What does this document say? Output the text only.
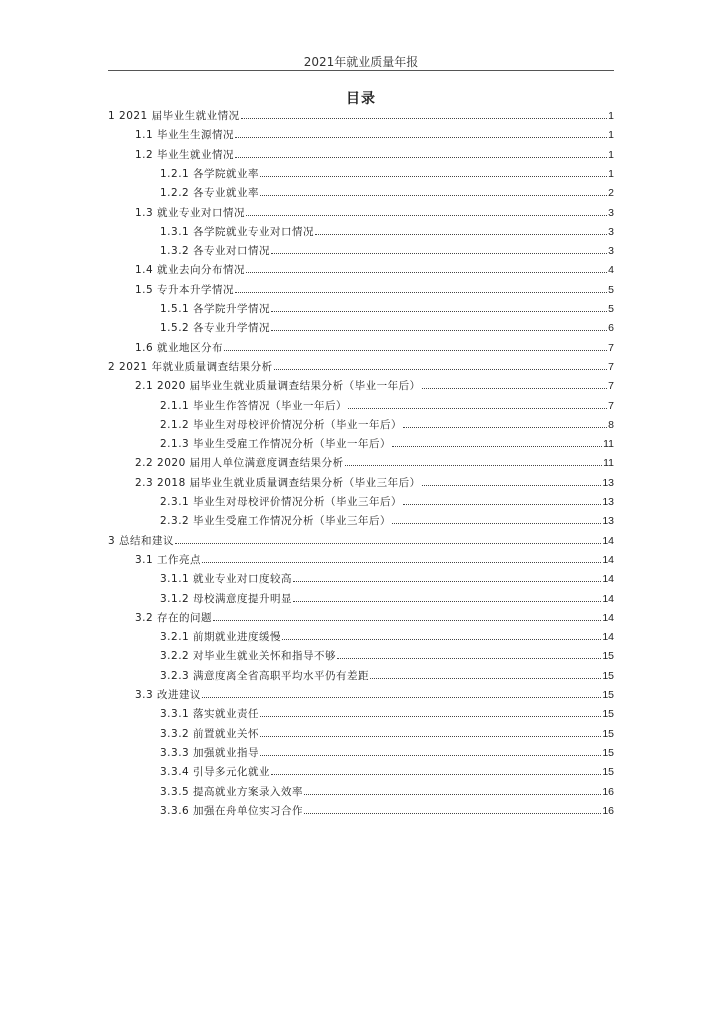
2021年就业质量年报
目录
1 2021 届毕业生就业情况	1
1.1 毕业生生源情况	1
1.2 毕业生就业情况	1
1.2.1 各学院就业率	1
1.2.2 各专业就业率	2
1.3 就业专业对口情况	3
1.3.1 各学院就业专业对口情况	3
1.3.2 各专业对口情况	3
1.4 就业去向分布情况	4
1.5 专升本升学情况	5
1.5.1 各学院升学情况	5
1.5.2 各专业升学情况	6
1.6 就业地区分布	7
2 2021 年就业质量调查结果分析	7
2.1 2020 届毕业生就业质量调查结果分析（毕业一年后）	7
2.1.1 毕业生作答情况（毕业一年后）	7
2.1.2 毕业生对母校评价情况分析（毕业一年后）	8
2.1.3 毕业生受雇工作情况分析（毕业一年后）	11
2.2 2020 届用人单位满意度调查结果分析	11
2.3 2018 届毕业生就业质量调查结果分析（毕业三年后）	13
2.3.1 毕业生对母校评价情况分析（毕业三年后）	13
2.3.2 毕业生受雇工作情况分析（毕业三年后）	13
3 总结和建议	14
3.1 工作亮点	14
3.1.1 就业专业对口度较高	14
3.1.2 母校满意度提升明显	14
3.2 存在的问题	14
3.2.1 前期就业进度缓慢	14
3.2.2 对毕业生就业关怀和指导不够	15
3.2.3 满意度离全省高职平均水平仍有差距	15
3.3 改进建议	15
3.3.1 落实就业责任	15
3.3.2 前置就业关怀	15
3.3.3 加强就业指导	15
3.3.4 引导多元化就业	15
3.3.5 提高就业方案录入效率	16
3.3.6 加强在舟单位实习合作	16
